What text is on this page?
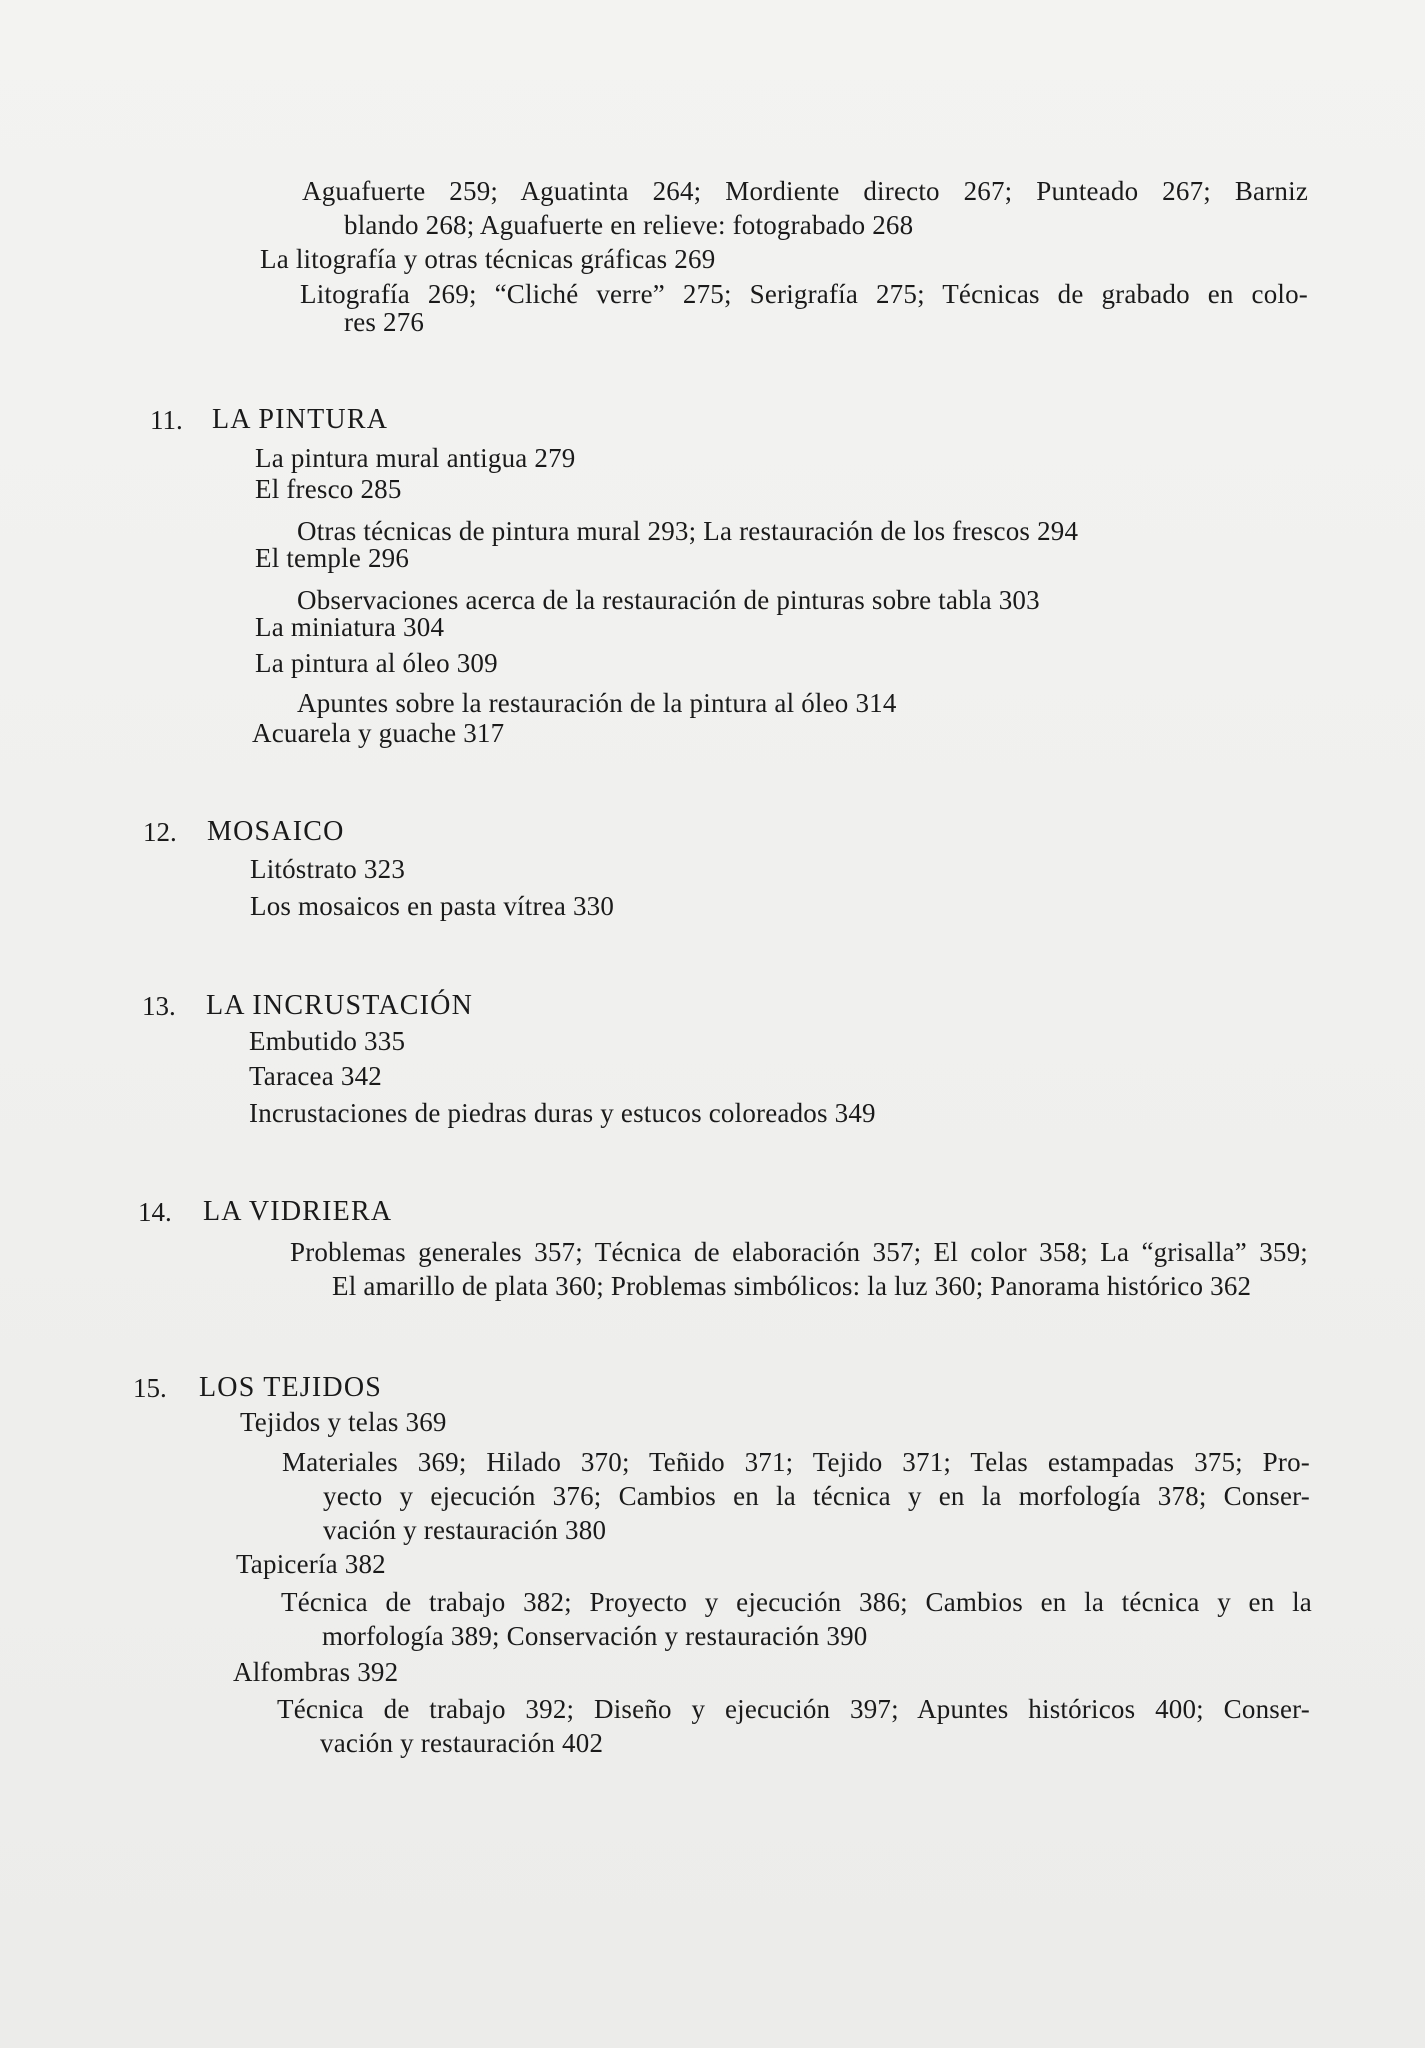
Aguafuerte 259; Aguatinta 264; Mordiente directo 267; Punteado 267; Barniz
blando 268; Aguafuerte en relieve: fotograbado 268
La litografía y otras técnicas gráficas 269
Litografía 269; “Cliché verre” 275; Serigrafía 275; Técnicas de grabado en colo-
res 276
11. LA PINTURA
La pintura mural antigua 279
El fresco 285
Otras técnicas de pintura mural 293; La restauración de los frescos 294
El temple 296
Observaciones acerca de la restauración de pinturas sobre tabla 303
La miniatura 304
La pintura al óleo 309
Apuntes sobre la restauración de la pintura al óleo 314
Acuarela y guache 317
12. MOSAICO
Litóstrato 323
Los mosaicos en pasta vítrea 330
13. LA INCRUSTACIÓN
Embutido 335
Taracea 342
Incrustaciones de piedras duras y estucos coloreados 349
14. LA VIDRIERA
Problemas generales 357; Técnica de elaboración 357; El color 358; La “grisalla” 359;
El amarillo de plata 360; Problemas simbólicos: la luz 360; Panorama histórico 362
15. LOS TEJIDOS
Tejidos y telas 369
Materiales 369; Hilado 370; Teñido 371; Tejido 371; Telas estampadas 375; Pro-
yecto y ejecución 376; Cambios en la técnica y en la morfología 378; Conser-
vación y restauración 380
Tapicería 382
Técnica de trabajo 382; Proyecto y ejecución 386; Cambios en la técnica y en la
morfología 389; Conservación y restauración 390
Alfombras 392
Técnica de trabajo 392; Diseño y ejecución 397; Apuntes históricos 400; Conser-
vación y restauración 402
